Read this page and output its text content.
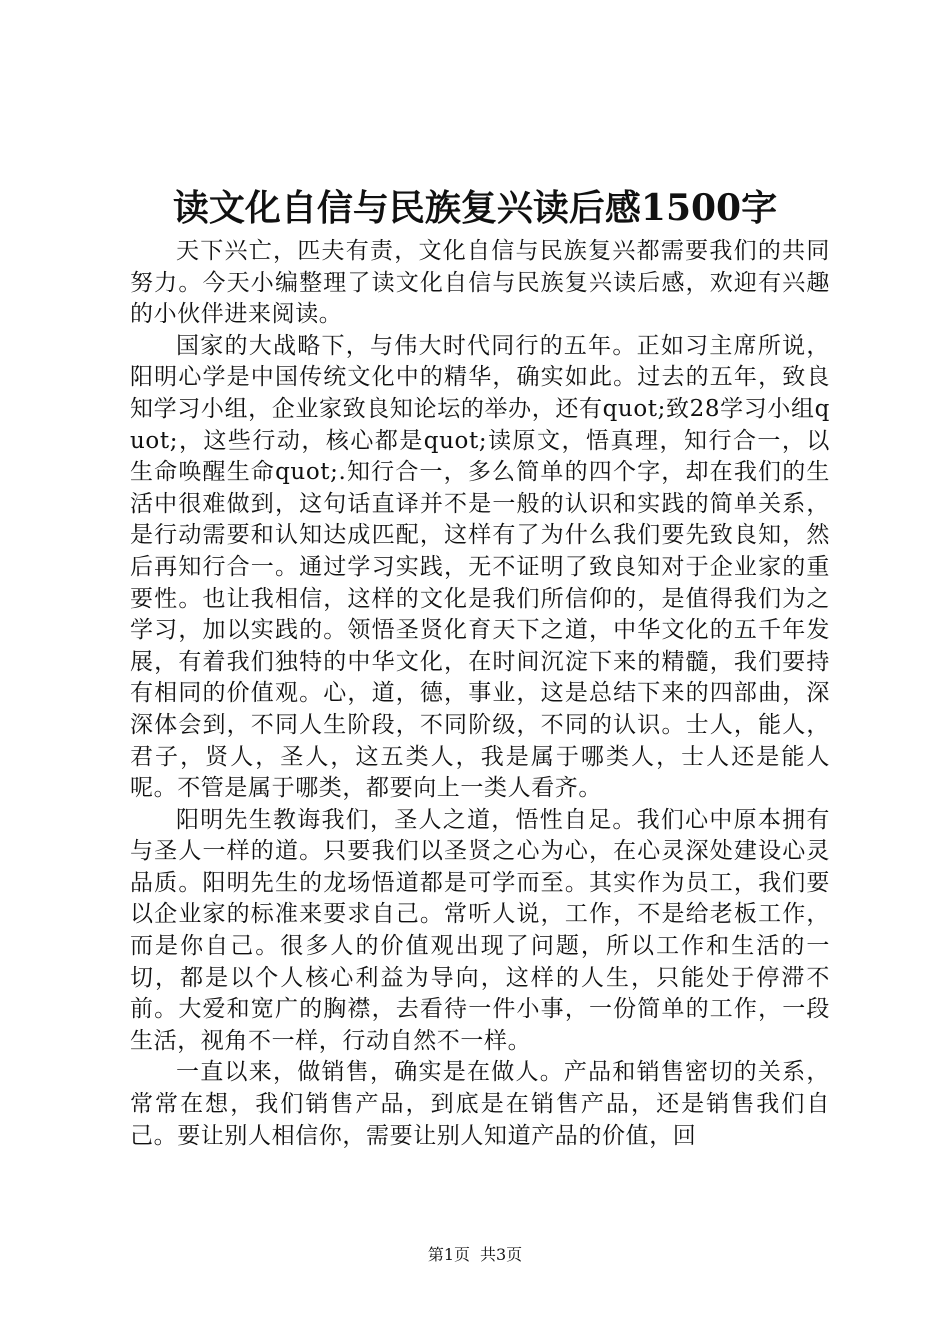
读文化自信与民族复兴读后感1500字

天下兴亡，匹夫有责，文化自信与民族复兴都需要我们的共同努力。今天小编整理了读文化自信与民族复兴读后感，欢迎有兴趣的小伙伴进来阅读。

国家的大战略下，与伟大时代同行的五年。正如习主席所说，阳明心学是中国传统文化中的精华，确实如此。过去的五年，致良知学习小组，企业家致良知论坛的举办，还有quot;致28学习小组quot;，这些行动，核心都是quot;读原文，悟真理，知行合一，以生命唤醒生命quot;.知行合一，多么简单的四个字，却在我们的生活中很难做到，这句话直译并不是一般的认识和实践的简单关系，是行动需要和认知达成匹配，这样有了为什么我们要先致良知，然后再知行合一。通过学习实践，无不证明了致良知对于企业家的重要性。也让我相信，这样的文化是我们所信仰的，是值得我们为之学习，加以实践的。领悟圣贤化育天下之道，中华文化的五千年发展，有着我们独特的中华文化，在时间沉淀下来的精髓，我们要持有相同的价值观。心，道，德，事业，这是总结下来的四部曲，深深体会到，不同人生阶段，不同阶级，不同的认识。士人，能人，君子，贤人，圣人，这五类人，我是属于哪类人，士人还是能人呢。不管是属于哪类，都要向上一类人看齐。

阳明先生教诲我们，圣人之道，悟性自足。我们心中原本拥有与圣人一样的道。只要我们以圣贤之心为心，在心灵深处建设心灵品质。阳明先生的龙场悟道都是可学而至。其实作为员工，我们要以企业家的标准来要求自己。常听人说，工作，不是给老板工作，而是你自己。很多人的价值观出现了问题，所以工作和生活的一切，都是以个人核心利益为导向，这样的人生，只能处于停滞不前。大爱和宽广的胸襟，去看待一件小事，一份简单的工作，一段生活，视角不一样，行动自然不一样。

一直以来，做销售，确实是在做人。产品和销售密切的关系，常常在想，我们销售产品，到底是在销售产品，还是销售我们自己。要让别人相信你，需要让别人知道产品的价值，回

第1页 共3页
